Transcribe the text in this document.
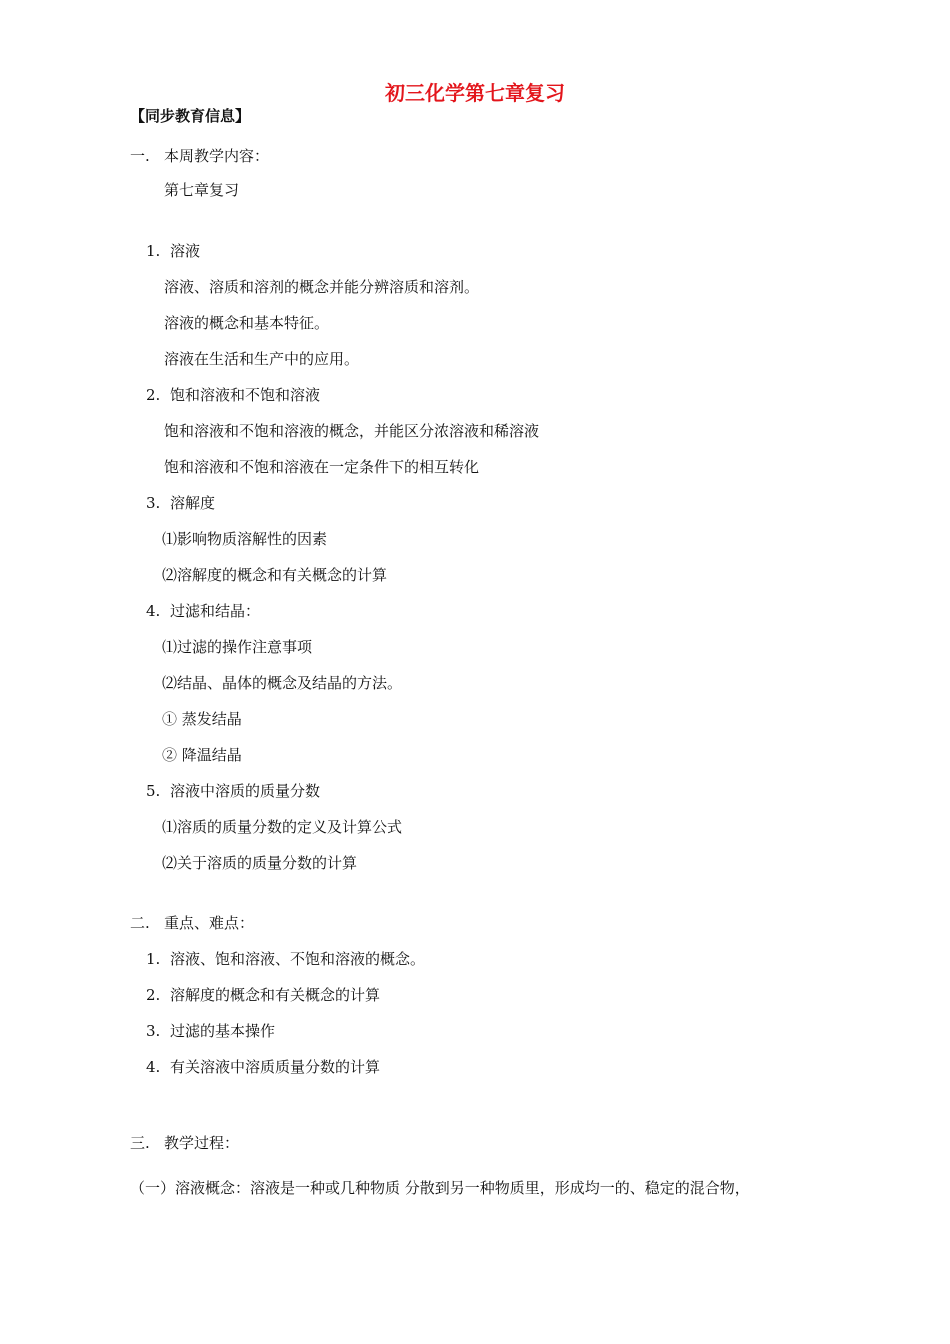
初三化学第七章复习
【同步教育信息】
一. 本周教学内容：
第七章复习
1. 溶液
溶液、溶质和溶剂的概念并能分辨溶质和溶剂。
溶液的概念和基本特征。
溶液在生活和生产中的应用。
2. 饱和溶液和不饱和溶液
饱和溶液和不饱和溶液的概念，并能区分浓溶液和稀溶液
饱和溶液和不饱和溶液在一定条件下的相互转化
3. 溶解度
⑴影响物质溶解性的因素
⑵溶解度的概念和有关概念的计算
4. 过滤和结晶：
⑴过滤的操作注意事项
⑵结晶、晶体的概念及结晶的方法。
① 蒸发结晶
② 降温结晶
5. 溶液中溶质的质量分数
⑴溶质的质量分数的定义及计算公式
⑵关于溶质的质量分数的计算
二. 重点、难点：
1. 溶液、饱和溶液、不饱和溶液的概念。
2. 溶解度的概念和有关概念的计算
3. 过滤的基本操作
4. 有关溶液中溶质质量分数的计算
三. 教学过程：
（一）溶液概念：溶液是一种或几种物质 分散到另一种物质里，形成均一的、稳定的混合物，
